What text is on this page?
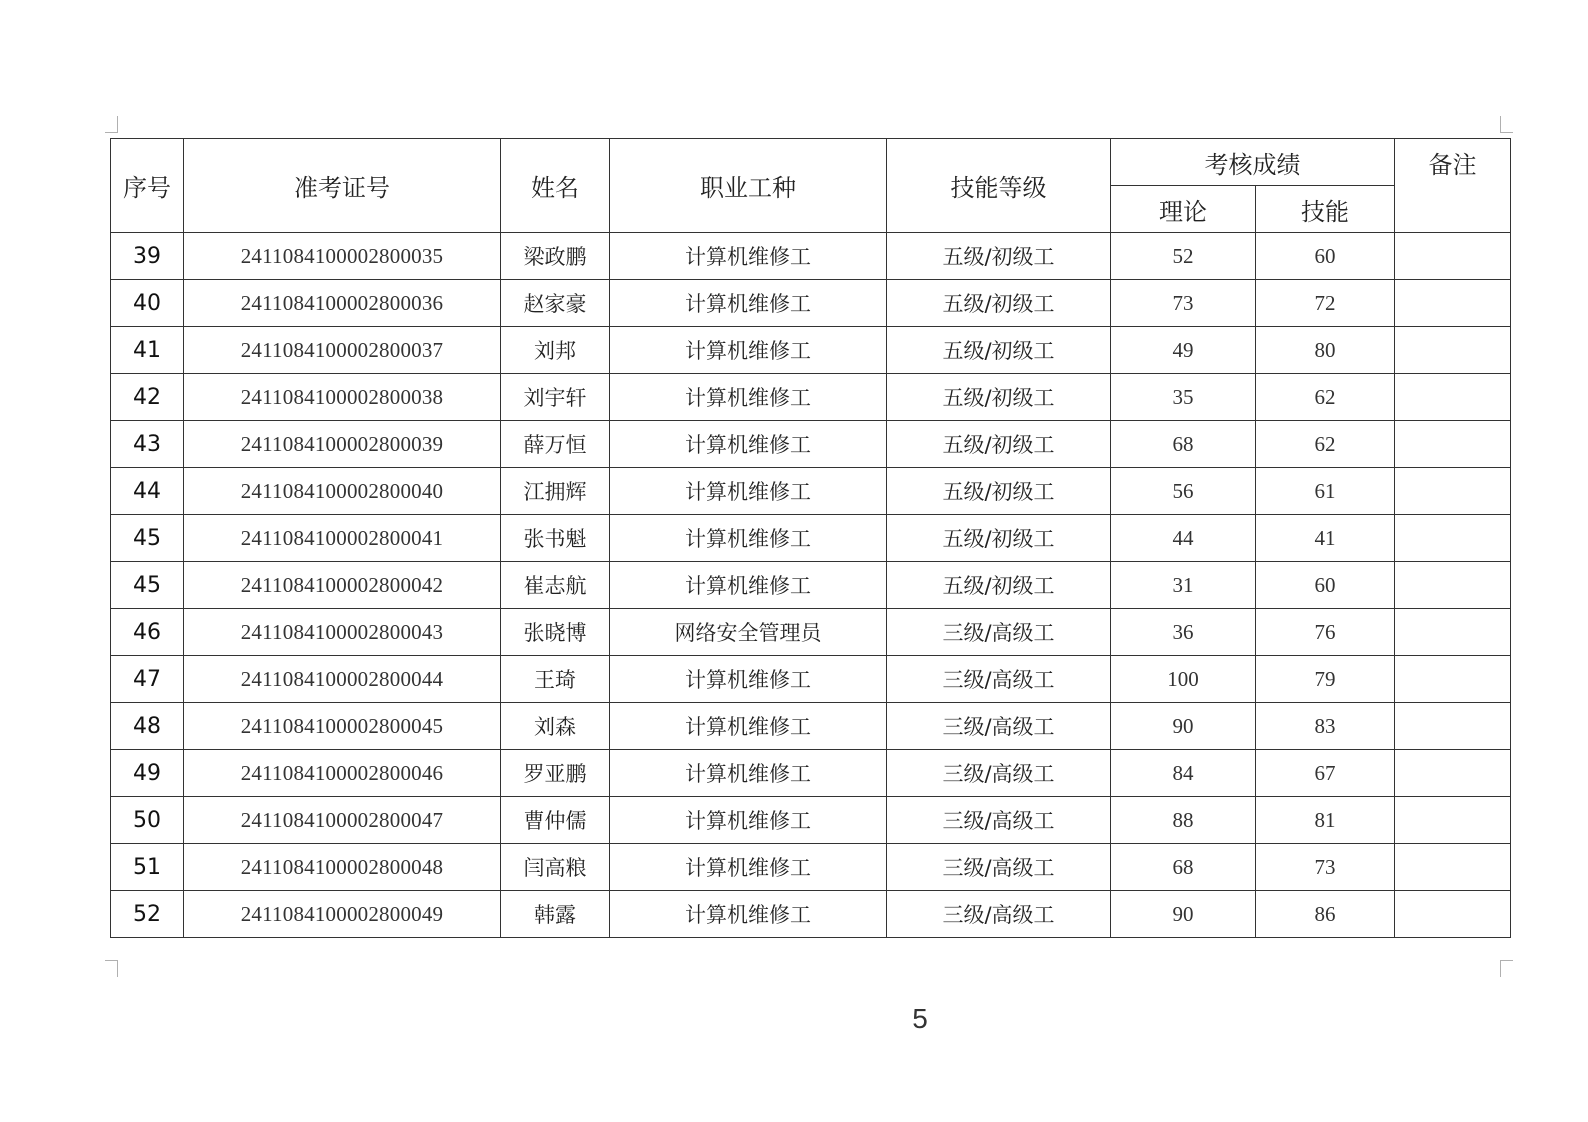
序号	准考证号	姓名	职业工种	技能等级	考核成绩		备注
					理论	技能	
39	2411084100002800035	梁政鹏	计算机维修工	五级/初级工	52	60	
40	2411084100002800036	赵家豪	计算机维修工	五级/初级工	73	72	
41	2411084100002800037	刘邦	计算机维修工	五级/初级工	49	80	
42	2411084100002800038	刘宇轩	计算机维修工	五级/初级工	35	62	
43	2411084100002800039	薛万恒	计算机维修工	五级/初级工	68	62	
44	2411084100002800040	江拥辉	计算机维修工	五级/初级工	56	61	
45	2411084100002800041	张书魁	计算机维修工	五级/初级工	44	41	
45	2411084100002800042	崔志航	计算机维修工	五级/初级工	31	60	
46	2411084100002800043	张晓博	网络安全管理员	三级/高级工	36	76	
47	2411084100002800044	王琦	计算机维修工	三级/高级工	100	79	
48	2411084100002800045	刘森	计算机维修工	三级/高级工	90	83	
49	2411084100002800046	罗亚鹏	计算机维修工	三级/高级工	84	67	
50	2411084100002800047	曹仲儒	计算机维修工	三级/高级工	88	81	
51	2411084100002800048	闫高粮	计算机维修工	三级/高级工	68	73	
52	2411084100002800049	韩露	计算机维修工	三级/高级工	90	86	
5
